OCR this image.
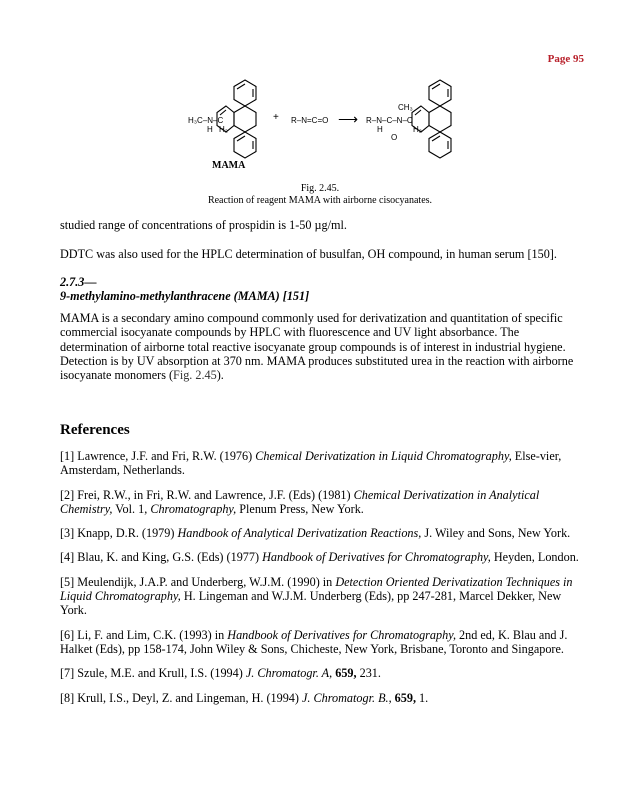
Page 95
H₃C–N–C
H H₂
+ R–N=C=O ⟶
CH₃
R–N–C–N–C
H
O
H₂
MAMA
Fig. 2.45.
Reaction of reagent MAMA with airborne cisocyanates.

studied range of concentrations of prospidin is 1-50 µg/ml.

DDTC was also used for the HPLC determination of busulfan, OH compound, in human serum [150].

2.7.3—
9-methylamino-methylanthracene (MAMA) [151]

MAMA is a secondary amino compound commonly used for derivatization and quantitation of specific commercial isocyanate compounds by HPLC with fluorescence and UV light absorbance. The determination of airborne total reactive isocyanate group compounds is of interest in industrial hygiene. Detection is by UV absorption at 370 nm. MAMA produces substituted urea in the reaction with airborne isocyanate monomers (Fig. 2.45).

References

[1] Lawrence, J.F. and Fri, R.W. (1976) Chemical Derivatization in Liquid Chromatography, Else-vier, Amsterdam, Netherlands.

[2] Frei, R.W., in Fri, R.W. and Lawrence, J.F. (Eds) (1981) Chemical Derivatization in Analytical Chemistry, Vol. 1, Chromatography, Plenum Press, New York.

[3] Knapp, D.R. (1979) Handbook of Analytical Derivatization Reactions, J. Wiley and Sons, New York.

[4] Blau, K. and King, G.S. (Eds) (1977) Handbook of Derivatives for Chromatography, Heyden, London.

[5] Meulendijk, J.A.P. and Underberg, W.J.M. (1990) in Detection Oriented Derivatization Techniques in Liquid Chromatography, H. Lingeman and W.J.M. Underberg (Eds), pp 247-281, Marcel Dekker, New York.

[6] Li, F. and Lim, C.K. (1993) in Handbook of Derivatives for Chromatography, 2nd ed, K. Blau and J. Halket (Eds), pp 158-174, John Wiley & Sons, Chicheste, New York, Brisbane, Toronto and Singapore.

[7] Szule, M.E. and Krull, I.S. (1994) J. Chromatogr. A, 659, 231.

[8] Krull, I.S., Deyl, Z. and Lingeman, H. (1994) J. Chromatogr. B., 659, 1.
